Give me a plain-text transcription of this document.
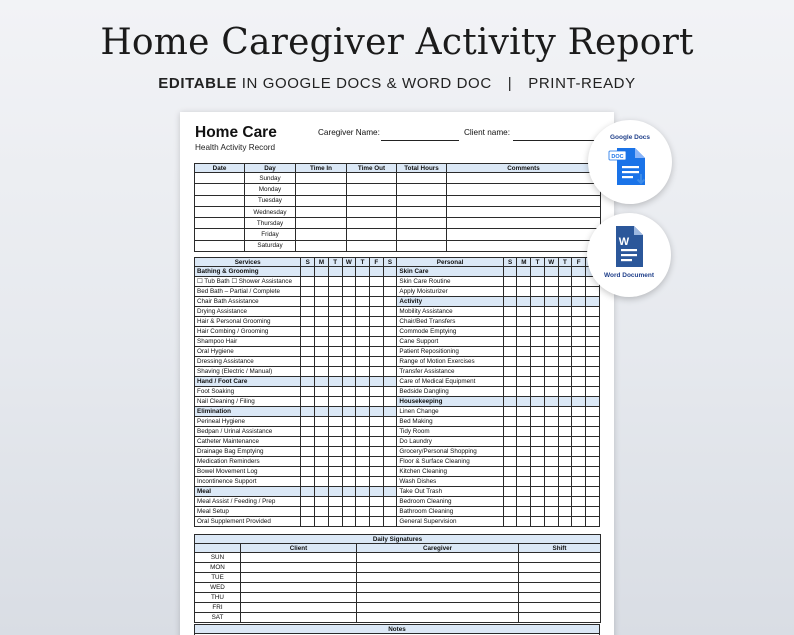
Home Caregiver Activity Report
EDITABLE IN GOOGLE DOCS & WORD DOC | PRINT-READY
Home Care
Health Activity Record
Caregiver Name:	Client name:
Date	Day	Time In	Time Out	Total Hours	Comments
	Sunday				
	Monday				
	Tuesday				
	Wednesday				
	Thursday				
	Friday				
	Saturday				
Services	S	M	T	W	T	F	S	Personal	S	M	T	W	T	F	
Bathing & Grooming								Skin Care							
☐ Tub Bath ☐ Shower Assistance								Skin Care Routine							
Bed Bath – Partial / Complete								Apply Moisturizer							
Chair Bath Assistance								Activity							
Drying Assistance								Mobility Assistance							
Hair & Personal Grooming								Chair/Bed Transfers							
Hair Combing / Grooming								Commode Emptying							
Shampoo Hair								Cane Support							
Oral Hygiene								Patient Repositioning							
Dressing Assistance								Range of Motion Exercises							
Shaving (Electric / Manual)								Transfer Assistance							
Hand / Foot Care								Care of Medical Equipment							
Foot Soaking								Bedside Dangling							
Nail Cleaning / Filing								Housekeeping							
Elimination								Linen Change							
Perineal Hygiene								Bed Making							
Bedpan / Urinal Assistance								Tidy Room							
Catheter Maintenance								Do Laundry							
Drainage Bag Emptying								Grocery/Personal Shopping							
Medication Reminders								Floor & Surface Cleaning							
Bowel Movement Log								Kitchen Cleaning							
Incontinence Support								Wash Dishes							
Meal								Take Out Trash							
Meal Assist / Feeding / Prep								Bedroom Cleaning							
Meal Setup								Bathroom Cleaning							
Oral Supplement Provided								General Supervision							
Daily Signatures			
	Client	Caregiver	Shift
SUN			
MON			
TUE			
WED			
THU			
FRI			
SAT			
Notes

Google Docs
DOC
W
Word Document
